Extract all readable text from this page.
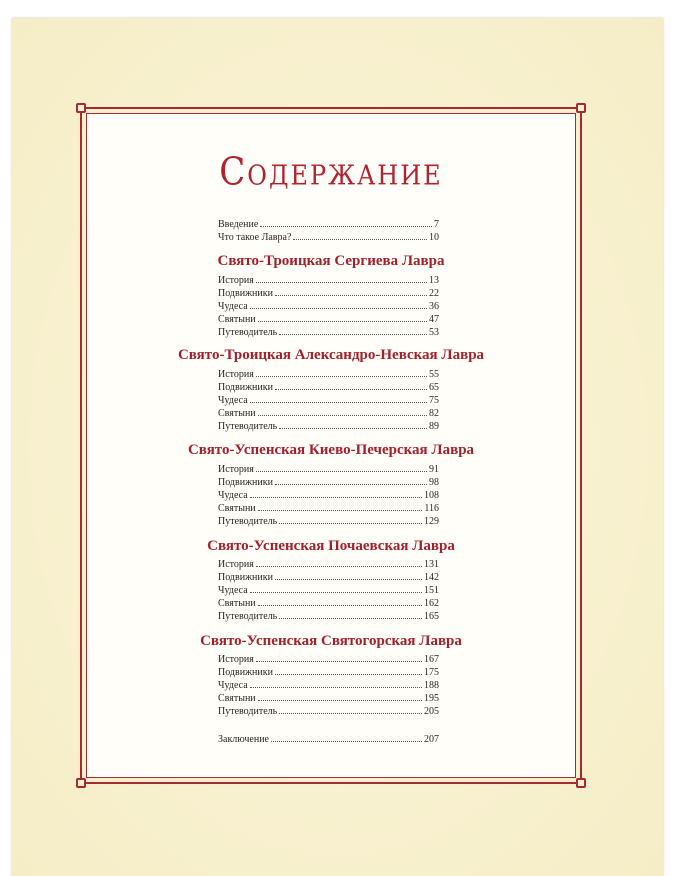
Содержание
Введение	7
Что такое Лавра?	10
Свято-Троицкая Сергиева Лавра
История	13
Подвижники	22
Чудеса	36
Святыни	47
Путеводитель	53
Свято-Троицкая Александро-Невская Лавра
История	55
Подвижники	65
Чудеса	75
Святыни	82
Путеводитель	89
Свято-Успенская Киево-Печерская Лавра
История	91
Подвижники	98
Чудеса	108
Святыни	116
Путеводитель	129
Свято-Успенская Почаевская Лавра
История	131
Подвижники	142
Чудеса	151
Святыни	162
Путеводитель	165
Свято-Успенская Святогорская Лавра
История	167
Подвижники	175
Чудеса	188
Святыни	195
Путеводитель	205
Заключение	207
